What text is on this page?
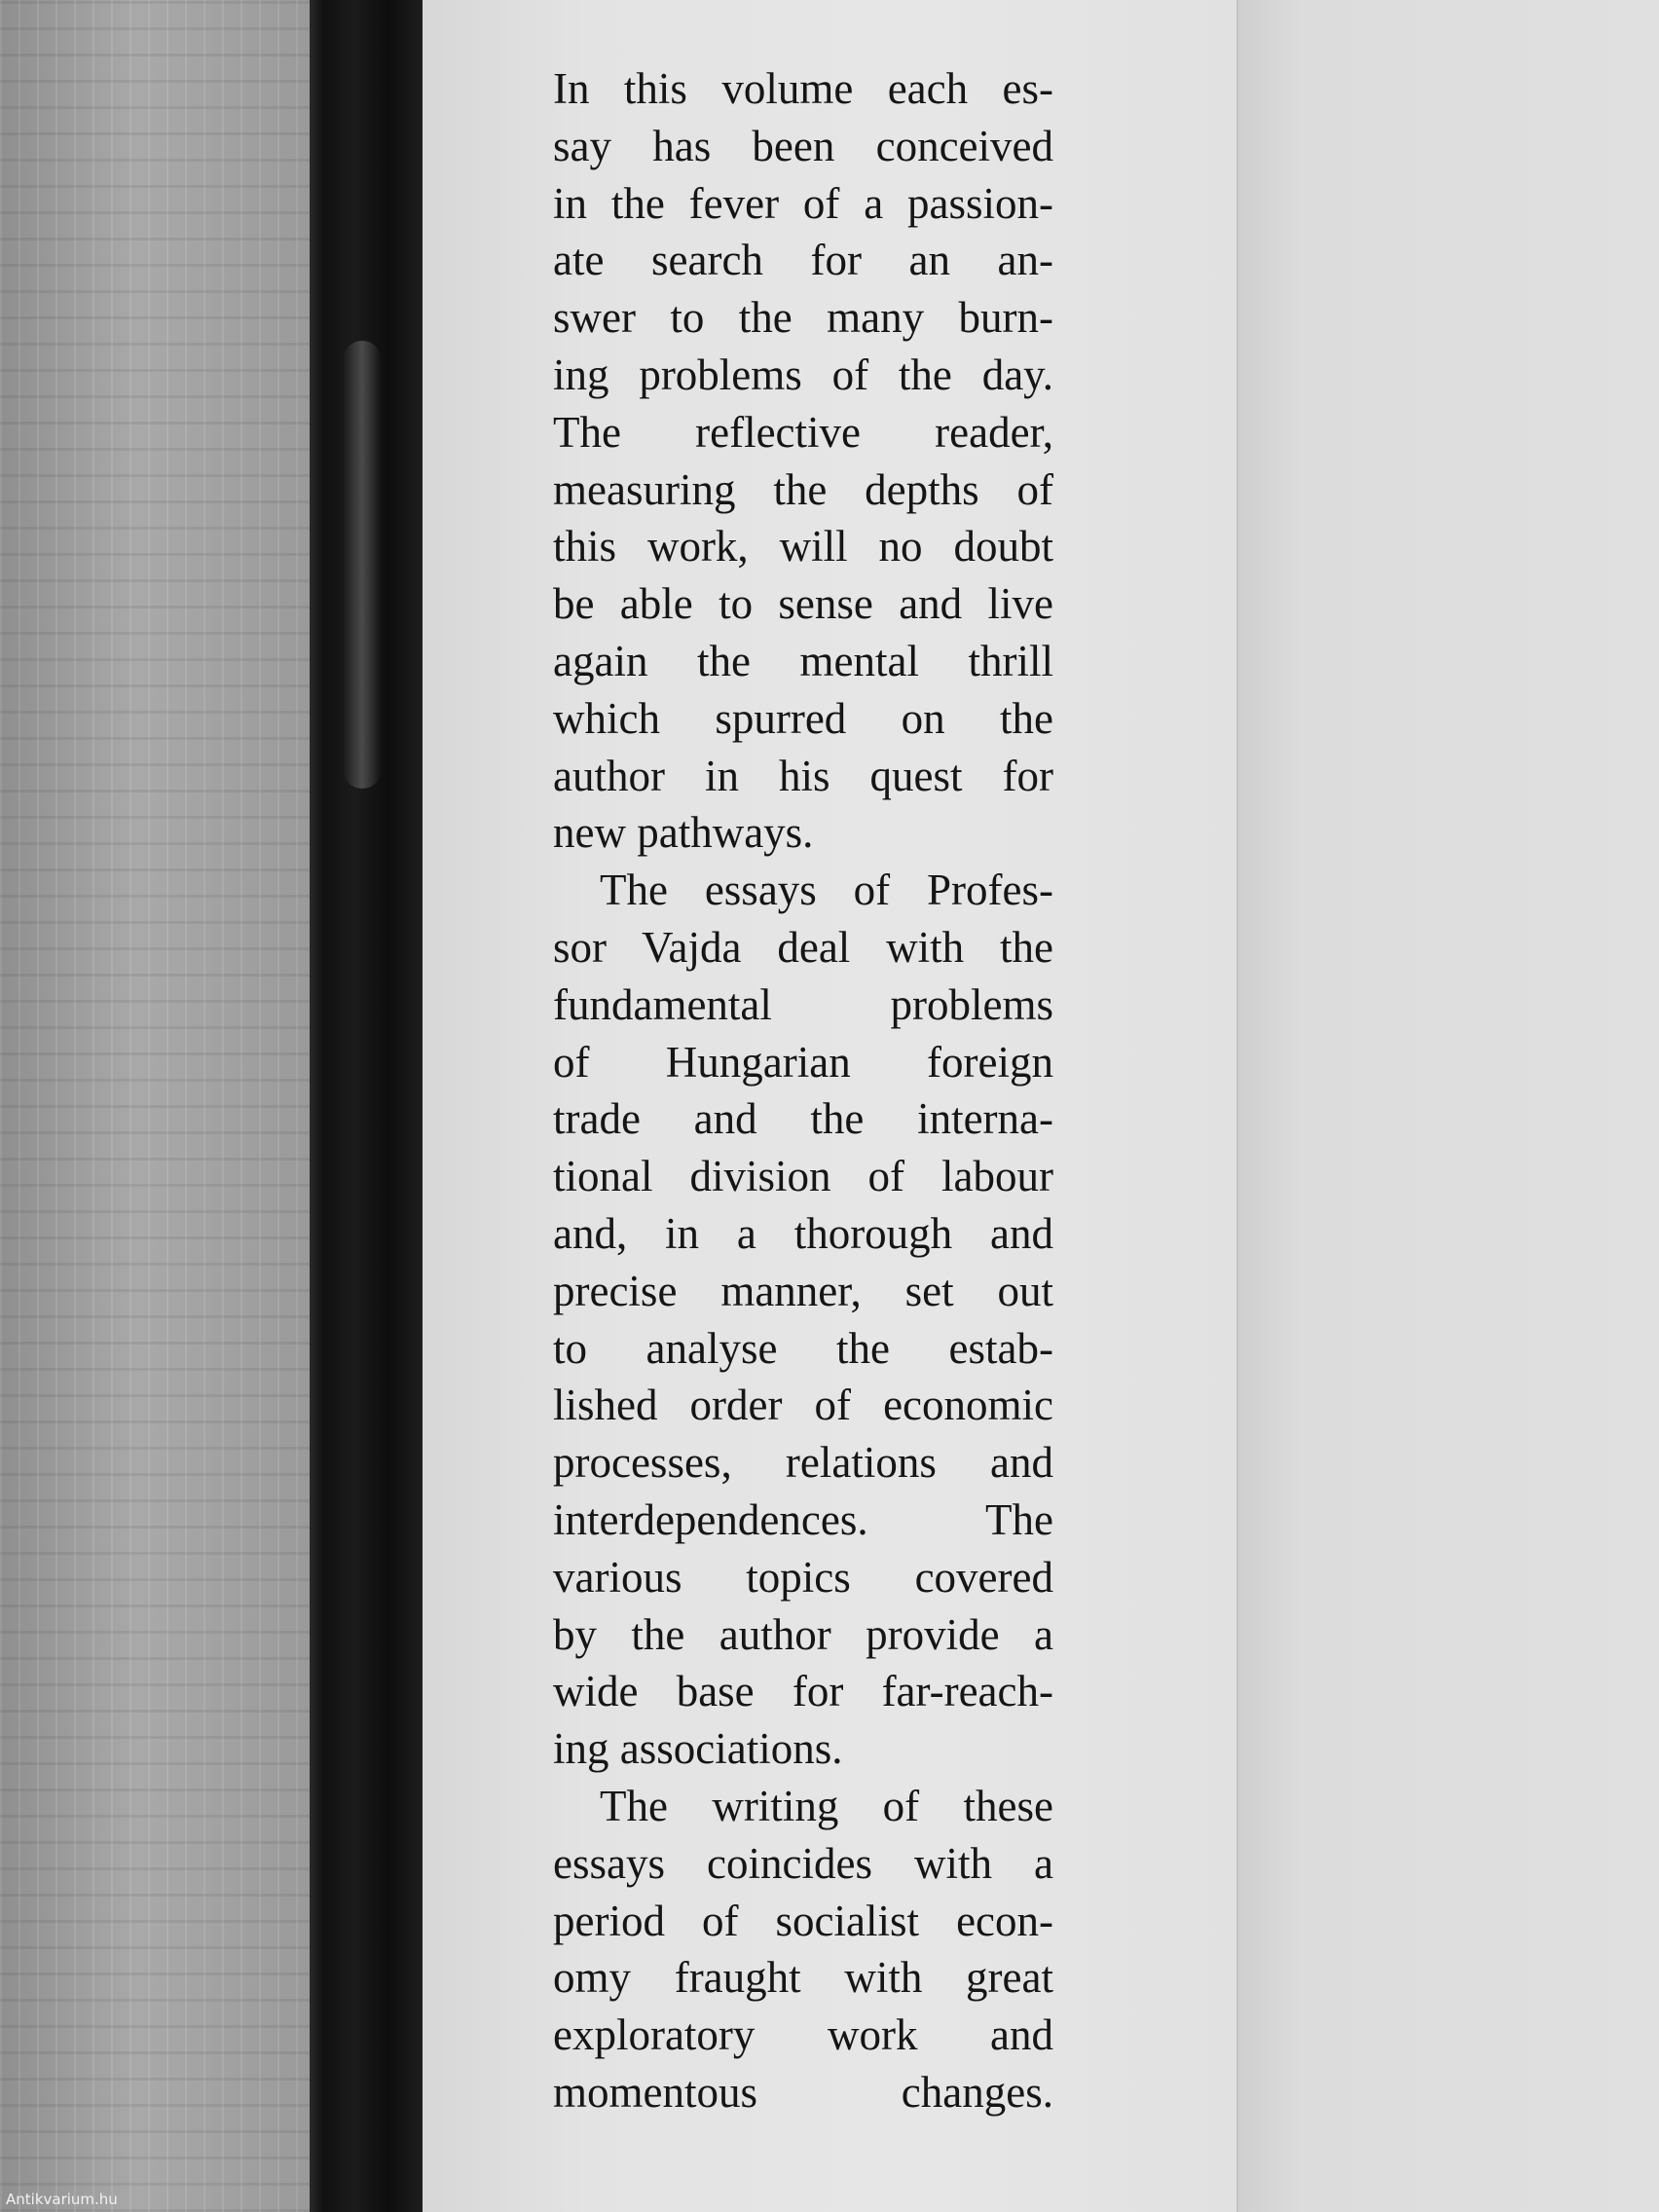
In this volume each es-
say has been conceived
in the fever of a passion-
ate search for an an-
swer to the many burn-
ing problems of the day.
The reflective reader,
measuring the depths of
this work, will no doubt
be able to sense and live
again the mental thrill
which spurred on the
author in his quest for
new pathways.
The essays of Profes-
sor Vajda deal with the
fundamental problems
of Hungarian foreign
trade and the interna-
tional division of labour
and, in a thorough and
precise manner, set out
to analyse the estab-
lished order of economic
processes, relations and
interdependences. The
various topics covered
by the author provide a
wide base for far-reach-
ing associations.
The writing of these
essays coincides with a
period of socialist econ-
omy fraught with great
exploratory work and
momentous changes.
Antikvarium.hu
